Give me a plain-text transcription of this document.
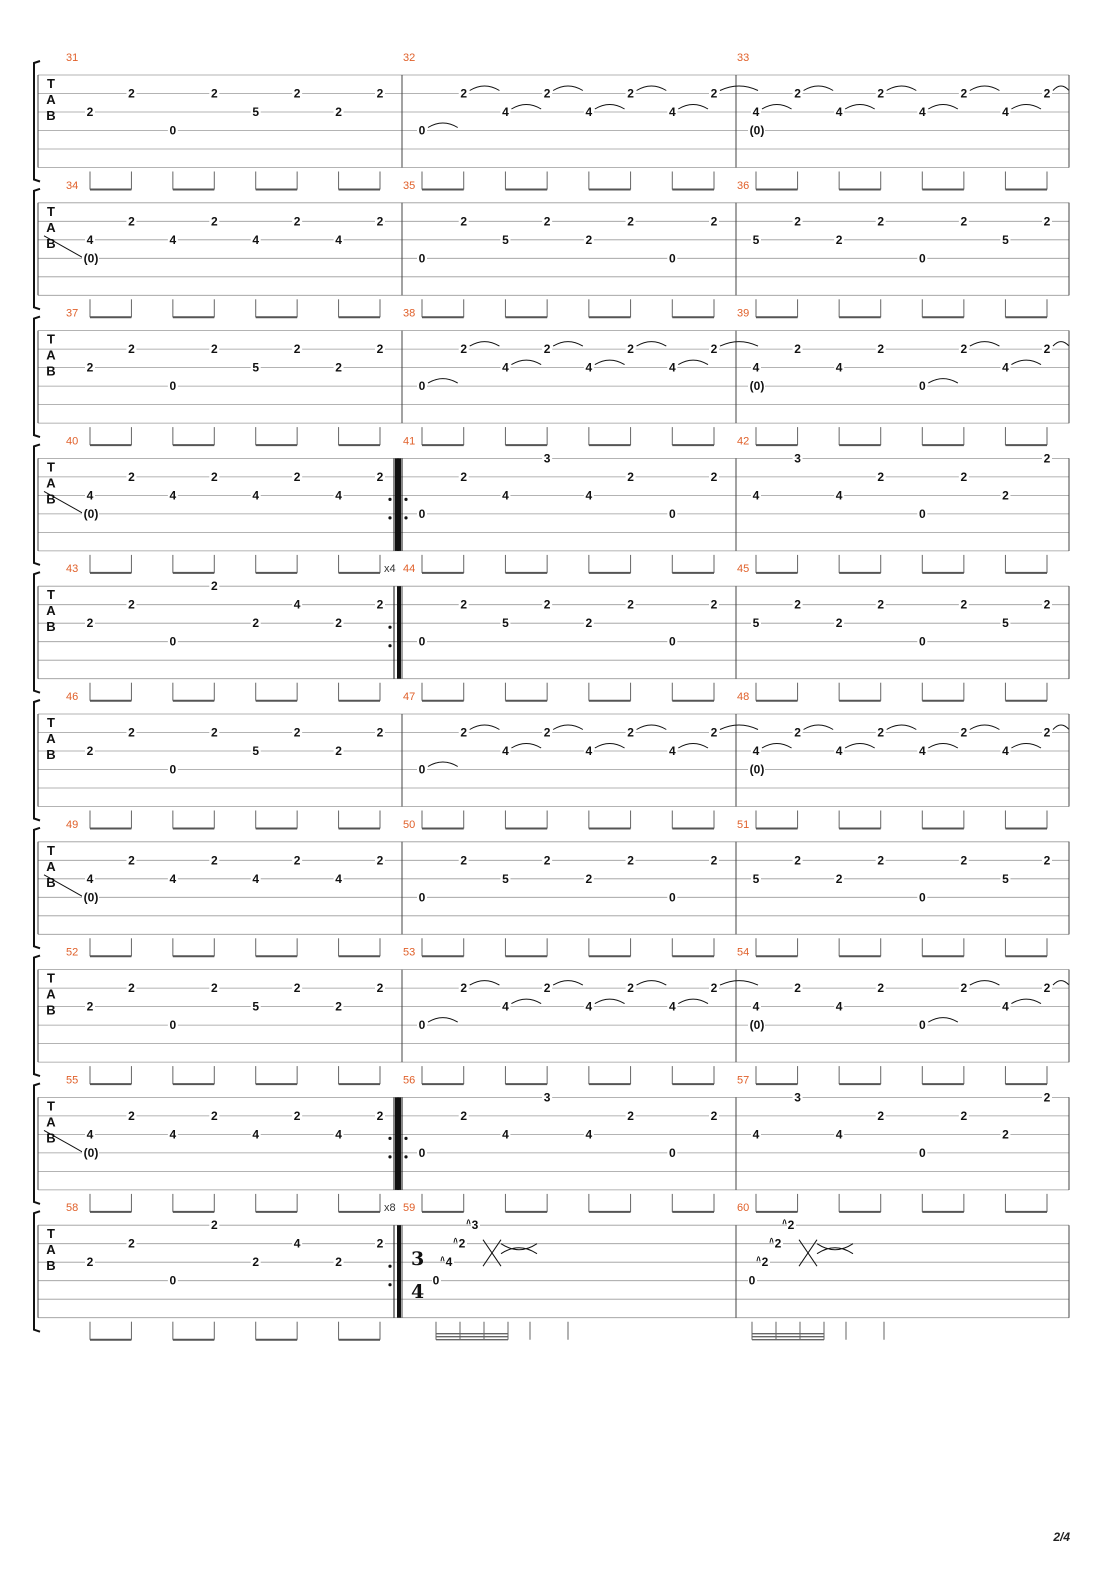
T
A
B
31
2
2
0
2
5
2
2
2
32
0
2
4
2
4
2
4
2
33
4
(0)
2
4
2
4
2
4
2
T
A
B
34
4
(0)
2
4
2
4
2
4
2
35
0
2
5
2
2
2
0
2
36
5
2
2
2
0
2
5
2
T
A
B
37
2
2
0
2
5
2
2
2
38
0
2
4
2
4
2
4
2
39
4
(0)
2
4
2
0
2
4
2
T
A
B
40
4
(0)
2
4
2
4
2
4
2
41
0
2
4
3
4
2
0
2
42
4
3
4
2
0
2
2
2
T
A
B
43	x4
2
2
0
2
2
4
2
2
44
0
2
5
2
2
2
0
2
45
5
2
2
2
0
2
5
2
T
A
B
46
2
2
0
2
5
2
2
2
47
0
2
4
2
4
2
4
2
48
4
(0)
2
4
2
4
2
4
2
T
A
B
49
4
(0)
2
4
2
4
2
4
2
50
0
2
5
2
2
2
0
2
51
5
2
2
2
0
2
5
2
T
A
B
52
2
2
0
2
5
2
2
2
53
0
2
4
2
4
2
4
2
54
4
(0)
2
4
2
0
2
4
2
T
A
B
55
4
(0)
2
4
2
4
2
4
2
56
0
2
4
3
4
2
0
2
57
4
3
4
2
0
2
2
2
T
A
B
58	x8
2
2
0
2
2
4
2
2
59
3
4
0
4
2
3
60
0
2
2
2
2/4
